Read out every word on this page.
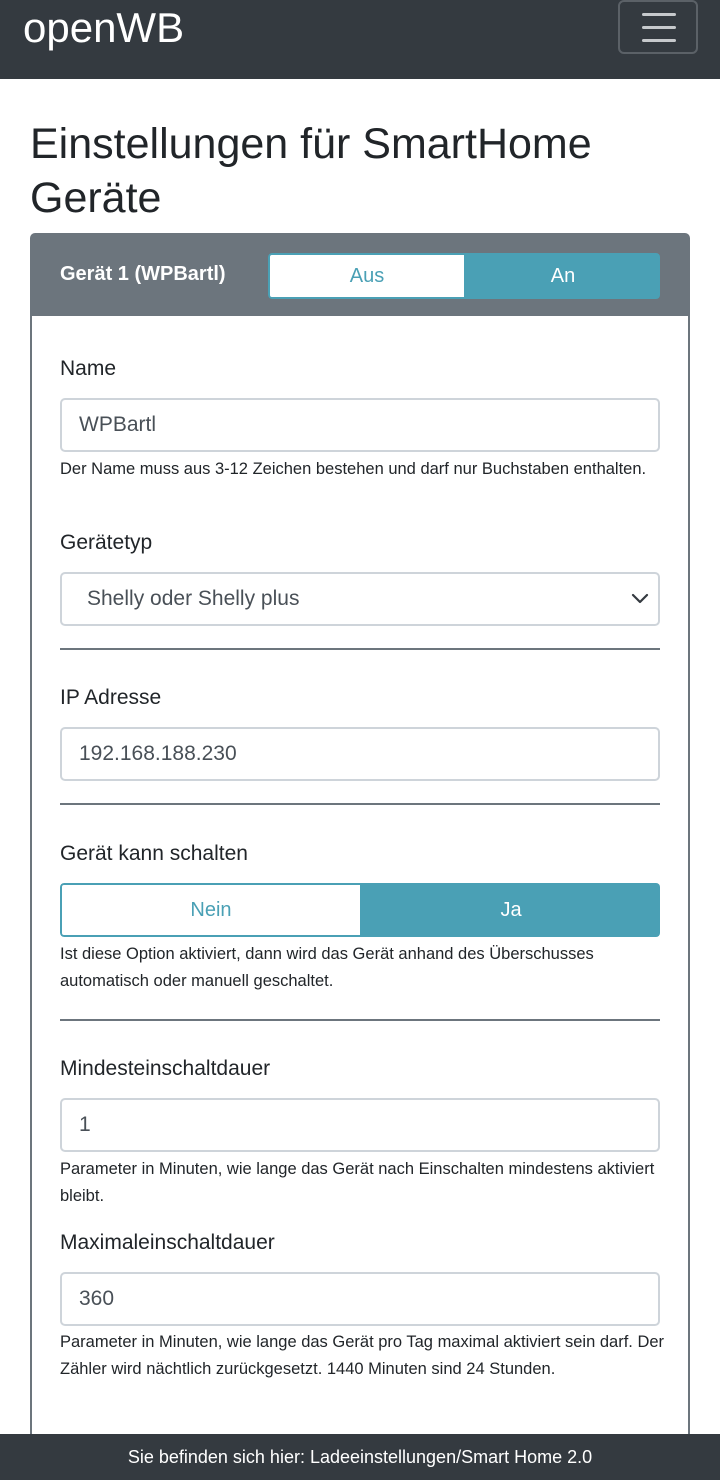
openWB
Einstellungen für SmartHome Geräte
Gerät 1 (WPBartl)	Aus	An
Name
WPBartl
Der Name muss aus 3-12 Zeichen bestehen und darf nur Buchstaben enthalten.
Gerätetyp
Shelly oder Shelly plus
IP Adresse
192.168.188.230
Gerät kann schalten
Nein	Ja
Ist diese Option aktiviert, dann wird das Gerät anhand des Überschusses automatisch oder manuell geschaltet.
Mindesteinschaltdauer
1
Parameter in Minuten, wie lange das Gerät nach Einschalten mindestens aktiviert bleibt.
Maximaleinschaltdauer
360
Parameter in Minuten, wie lange das Gerät pro Tag maximal aktiviert sein darf. Der Zähler wird nächtlich zurückgesetzt. 1440 Minuten sind 24 Stunden.
Sie befinden sich hier: Ladeeinstellungen/Smart Home 2.0
